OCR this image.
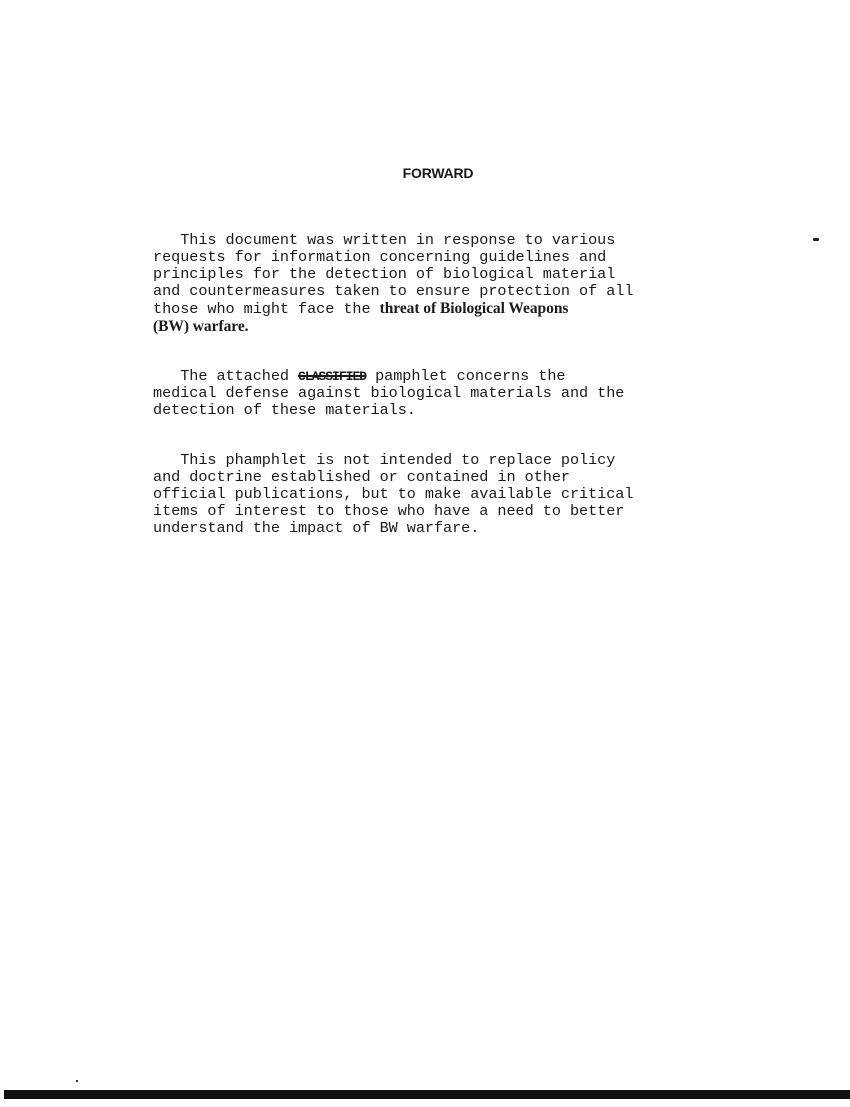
FORWARD
This document was written in response to various
requests for information concerning guidelines and
principles for the detection of biological material
and countermeasures taken to ensure protection of all
those who might face the threat of Biological Weapons
(BW) warfare.
The attached CLASSIFIED pamphlet concerns the
medical defense against biological materials and the
detection of these materials.
This phamphlet is not intended to replace policy
and doctrine established or contained in other
official publications, but to make available critical
items of interest to those who have a need to better
understand the impact of BW warfare.
